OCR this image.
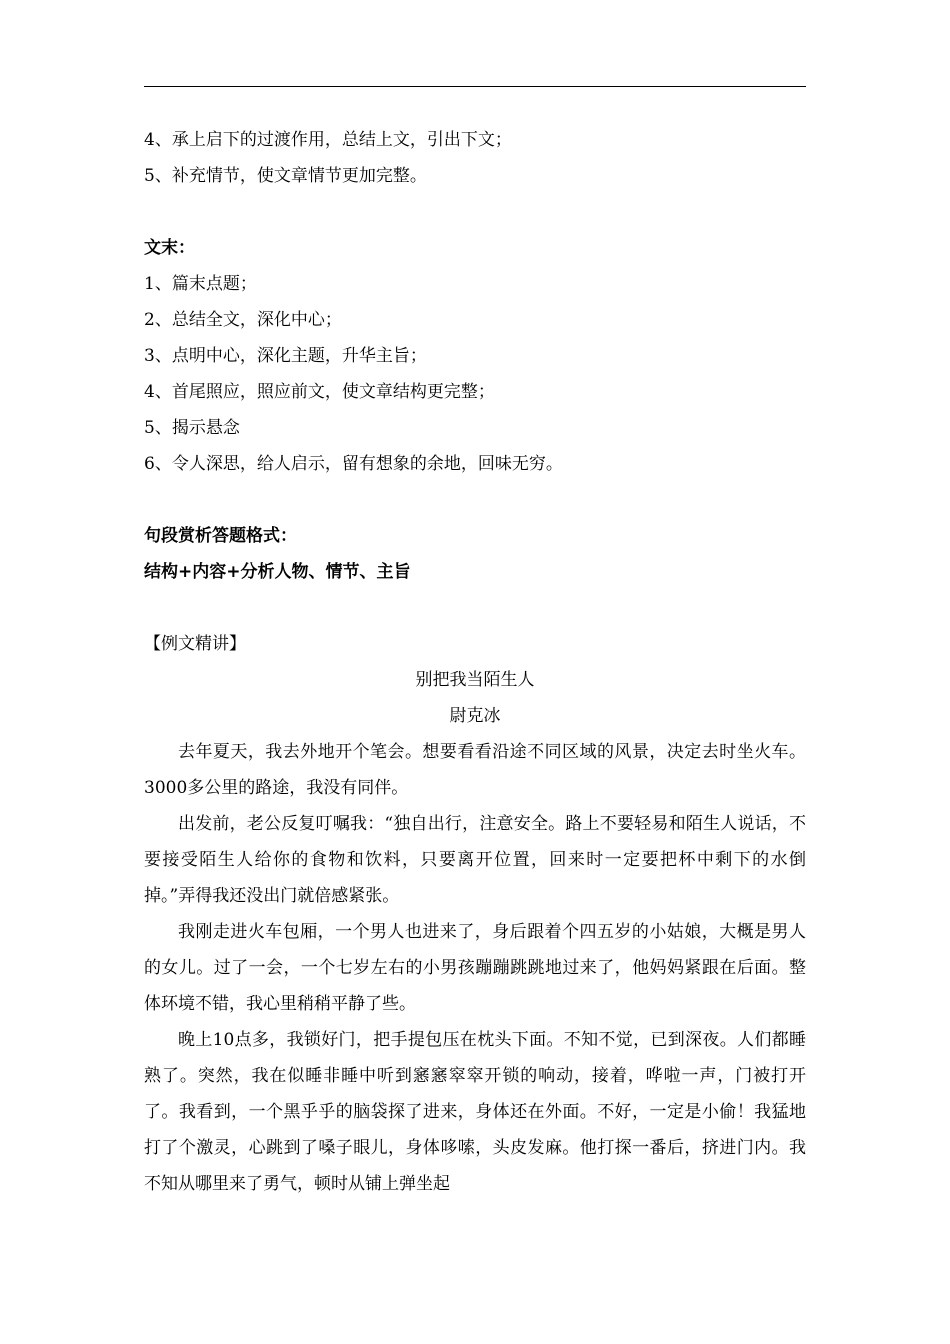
4、承上启下的过渡作用，总结上文，引出下文；
5、补充情节，使文章情节更加完整。
文末：
1、篇末点题；
2、总结全文，深化中心；
3、点明中心，深化主题，升华主旨；
4、首尾照应，照应前文，使文章结构更完整；
5、揭示悬念
6、令人深思，给人启示，留有想象的余地，回味无穷。
句段赏析答题格式：
结构+内容+分析人物、情节、主旨
【例文精讲】
别把我当陌生人
尉克冰

去年夏天，我去外地开个笔会。想要看看沿途不同区域的风景，决定去时坐火车。3000多公里的路途，我没有同伴。

出发前，老公反复叮嘱我：“独自出行，注意安全。路上不要轻易和陌生人说话，不要接受陌生人给你的食物和饮料，只要离开位置，回来时一定要把杯中剩下的水倒掉。”弄得我还没出门就倍感紧张。

我刚走进火车包厢，一个男人也进来了，身后跟着个四五岁的小姑娘，大概是男人的女儿。过了一会，一个七岁左右的小男孩蹦蹦跳跳地过来了，他妈妈紧跟在后面。整体环境不错，我心里稍稍平静了些。

晚上10点多，我锁好门，把手提包压在枕头下面。不知不觉，已到深夜。人们都睡熟了。突然，我在似睡非睡中听到窸窸窣窣开锁的响动，接着，哗啦一声，门被打开了。我看到，一个黑乎乎的脑袋探了进来，身体还在外面。不好，一定是小偷！我猛地打了个激灵，心跳到了嗓子眼儿，身体哆嗦，头皮发麻。他打探一番后，挤进门内。我不知从哪里来了勇气，顿时从铺上弹坐起
